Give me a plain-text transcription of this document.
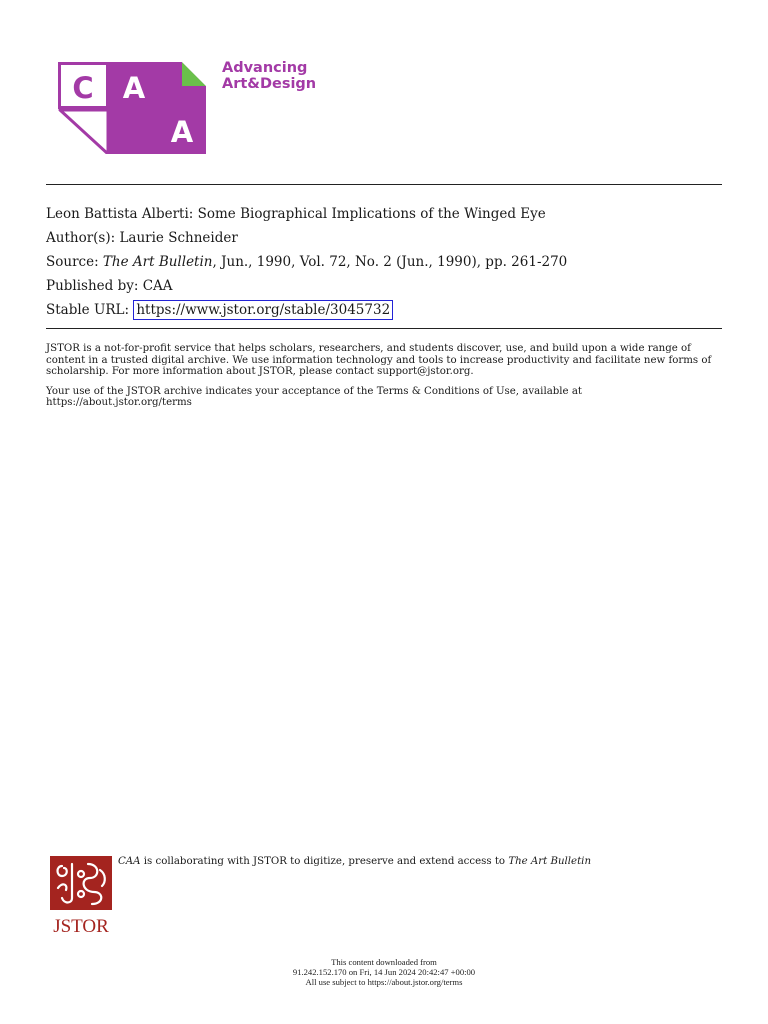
C A
A
Advancing
Art&Design
Leon Battista Alberti: Some Biographical Implications of the Winged Eye
Author(s): Laurie Schneider
Source: The Art Bulletin, Jun., 1990, Vol. 72, No. 2 (Jun., 1990), pp. 261-270
Published by: CAA
Stable URL: https://www.jstor.org/stable/3045732

JSTOR is a not-for-profit service that helps scholars, researchers, and students discover, use, and build upon a wide range of content in a trusted digital archive. We use information technology and tools to increase productivity and facilitate new forms of scholarship. For more information about JSTOR, please contact support@jstor.org.

Your use of the JSTOR archive indicates your acceptance of the Terms & Conditions of Use, available at https://about.jstor.org/terms

JSTOR
CAA is collaborating with JSTOR to digitize, preserve and extend access to The Art Bulletin
This content downloaded from
91.242.152.170 on Fri, 14 Jun 2024 20:42:47 +00:00
All use subject to https://about.jstor.org/terms
